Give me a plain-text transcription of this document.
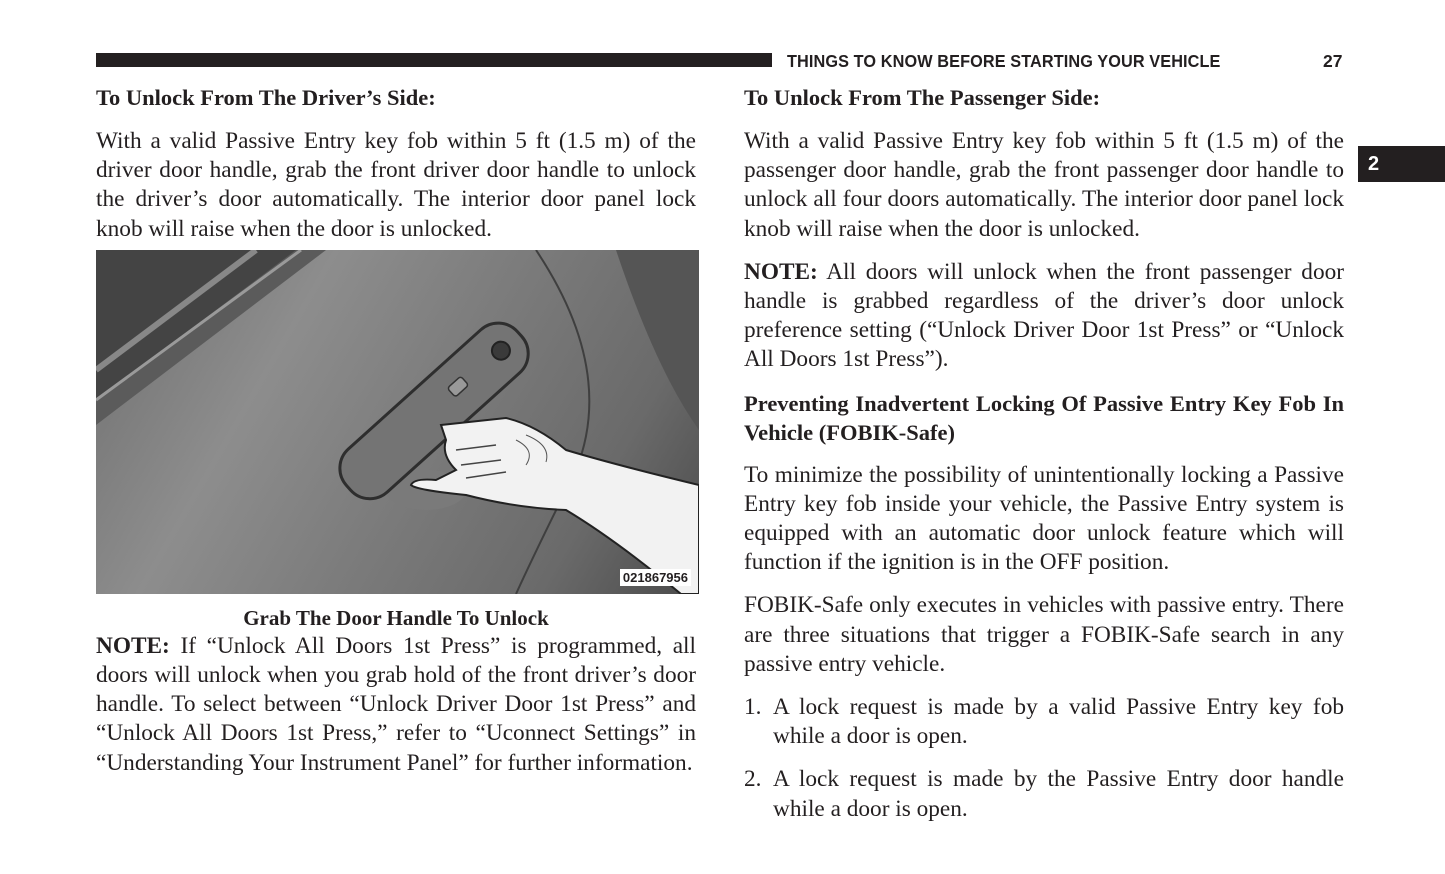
THINGS TO KNOW BEFORE STARTING YOUR VEHICLE	27
2
To Unlock From The Driver’s Side:

With a valid Passive Entry key fob within 5 ft (1.5 m) of the driver door handle, grab the front driver door handle to unlock the driver’s door automatically. The interior door panel lock knob will raise when the door is unlocked.

021867956
Grab The Door Handle To Unlock

NOTE: If “Unlock All Doors 1st Press” is programmed, all doors will unlock when you grab hold of the front driver’s door handle. To select between “Unlock Driver Door 1st Press” and “Unlock All Doors 1st Press,” refer to “Uconnect Settings” in “Understanding Your Instrument Panel” for further information.

To Unlock From The Passenger Side:

With a valid Passive Entry key fob within 5 ft (1.5 m) of the passenger door handle, grab the front passenger door handle to unlock all four doors automatically. The interior door panel lock knob will raise when the door is unlocked.

NOTE: All doors will unlock when the front passenger door handle is grabbed regardless of the driver’s door unlock preference setting (“Unlock Driver Door 1st Press” or “Unlock All Doors 1st Press”).

Preventing Inadvertent Locking Of Passive Entry Key Fob In Vehicle (FOBIK-Safe)

To minimize the possibility of unintentionally locking a Passive Entry key fob inside your vehicle, the Passive Entry system is equipped with an automatic door unlock feature which will function if the ignition is in the OFF position.

FOBIK-Safe only executes in vehicles with passive entry. There are three situations that trigger a FOBIK-Safe search in any passive entry vehicle.

1. A lock request is made by a valid Passive Entry key fob while a door is open.
2. A lock request is made by the Passive Entry door handle while a door is open.
